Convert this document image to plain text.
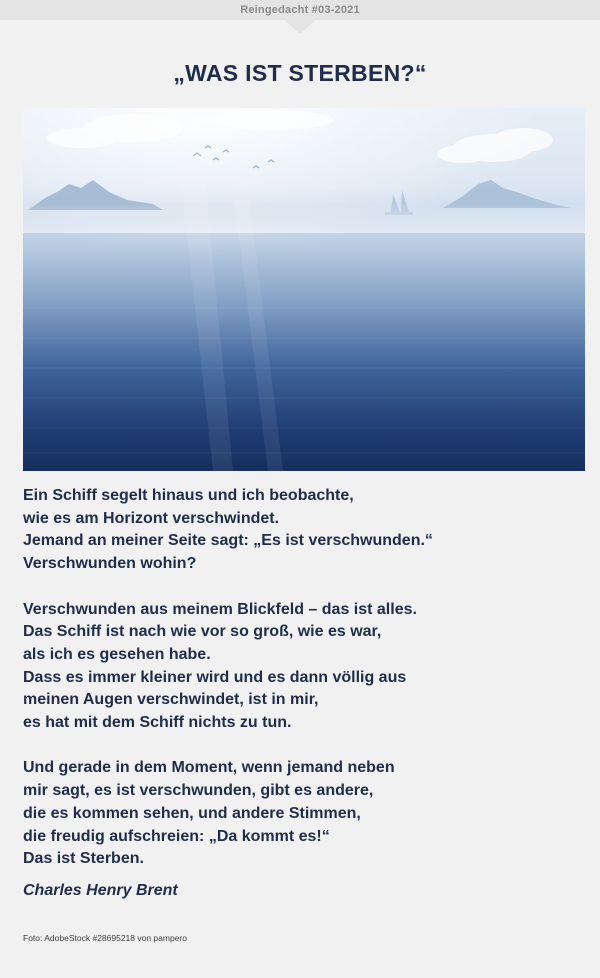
Reingedacht #03-2021
„WAS IST STERBEN?“
Ein Schiff segelt hinaus und ich beobachte,
wie es am Horizont verschwindet.
Jemand an meiner Seite sagt: „Es ist verschwunden.“
Verschwunden wohin?
Verschwunden aus meinem Blickfeld – das ist alles.
Das Schiff ist nach wie vor so groß, wie es war,
als ich es gesehen habe.
Dass es immer kleiner wird und es dann völlig aus
meinen Augen verschwindet, ist in mir,
es hat mit dem Schiff nichts zu tun.
Und gerade in dem Moment, wenn jemand neben
mir sagt, es ist verschwunden, gibt es andere,
die es kommen sehen, und andere Stimmen,
die freudig aufschreien: „Da kommt es!“
Das ist Sterben.
Charles Henry Brent
Foto: AdobeStock #28695218 von pampero
